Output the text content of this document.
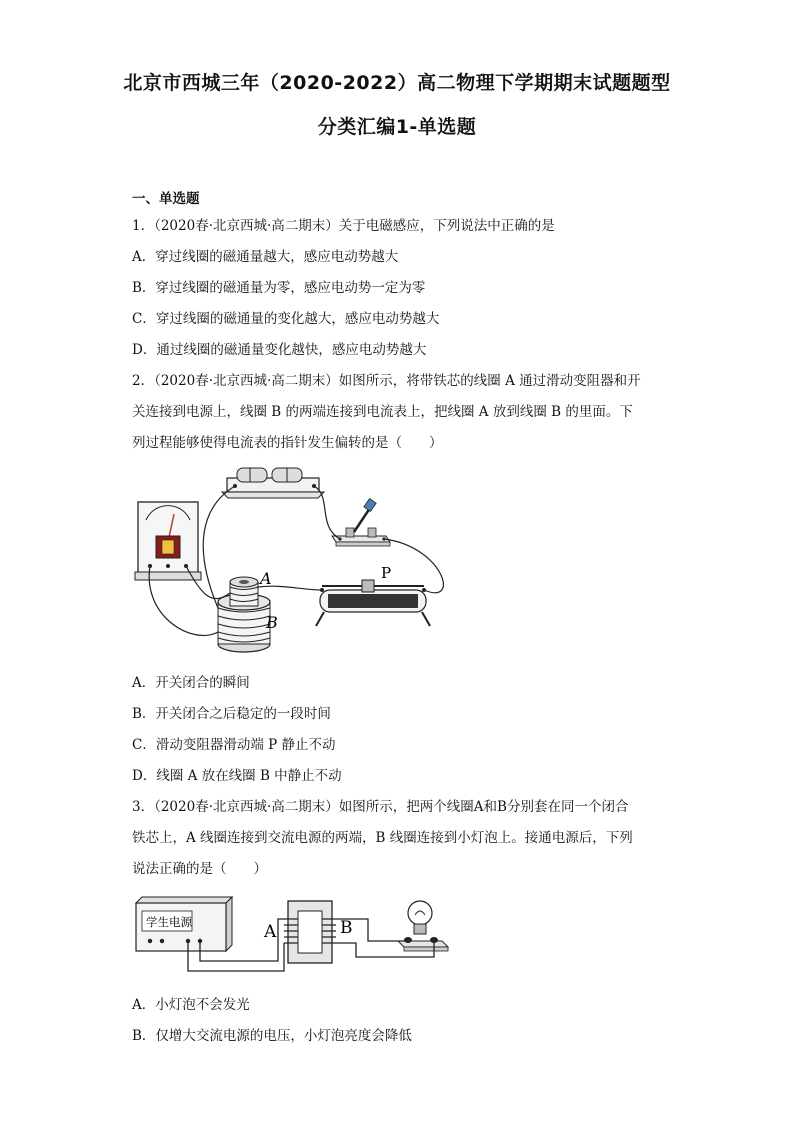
北京市西城三年（2020-2022）高二物理下学期期末试题题型
分类汇编1-单选题
一、单选题
1．（2020春·北京西城·高二期末）关于电磁感应，下列说法中正确的是
A．穿过线圈的磁通量越大，感应电动势越大
B．穿过线圈的磁通量为零，感应电动势一定为零
C．穿过线圈的磁通量的变化越大，感应电动势越大
D．通过线圈的磁通量变化越快，感应电动势越大
2．（2020春·北京西城·高二期末）如图所示，将带铁芯的线圈 A 通过滑动变阻器和开
关连接到电源上，线圈 B 的两端连接到电流表上，把线圈 A 放到线圈 B 的里面。下
列过程能够使得电流表的指针发生偏转的是（　　）
A
B
P
A．开关闭合的瞬间
B．开关闭合之后稳定的一段时间
C．滑动变阻器滑动端 P 静止不动
D．线圈 A 放在线圈 B 中静止不动
3．（2020春·北京西城·高二期末）如图所示，把两个线圈A和B分别套在同一个闭合
铁芯上，A 线圈连接到交流电源的两端，B 线圈连接到小灯泡上。接通电源后，下列
说法正确的是（　　）
学生电源	A	B
A．小灯泡不会发光
B．仅增大交流电源的电压，小灯泡亮度会降低
